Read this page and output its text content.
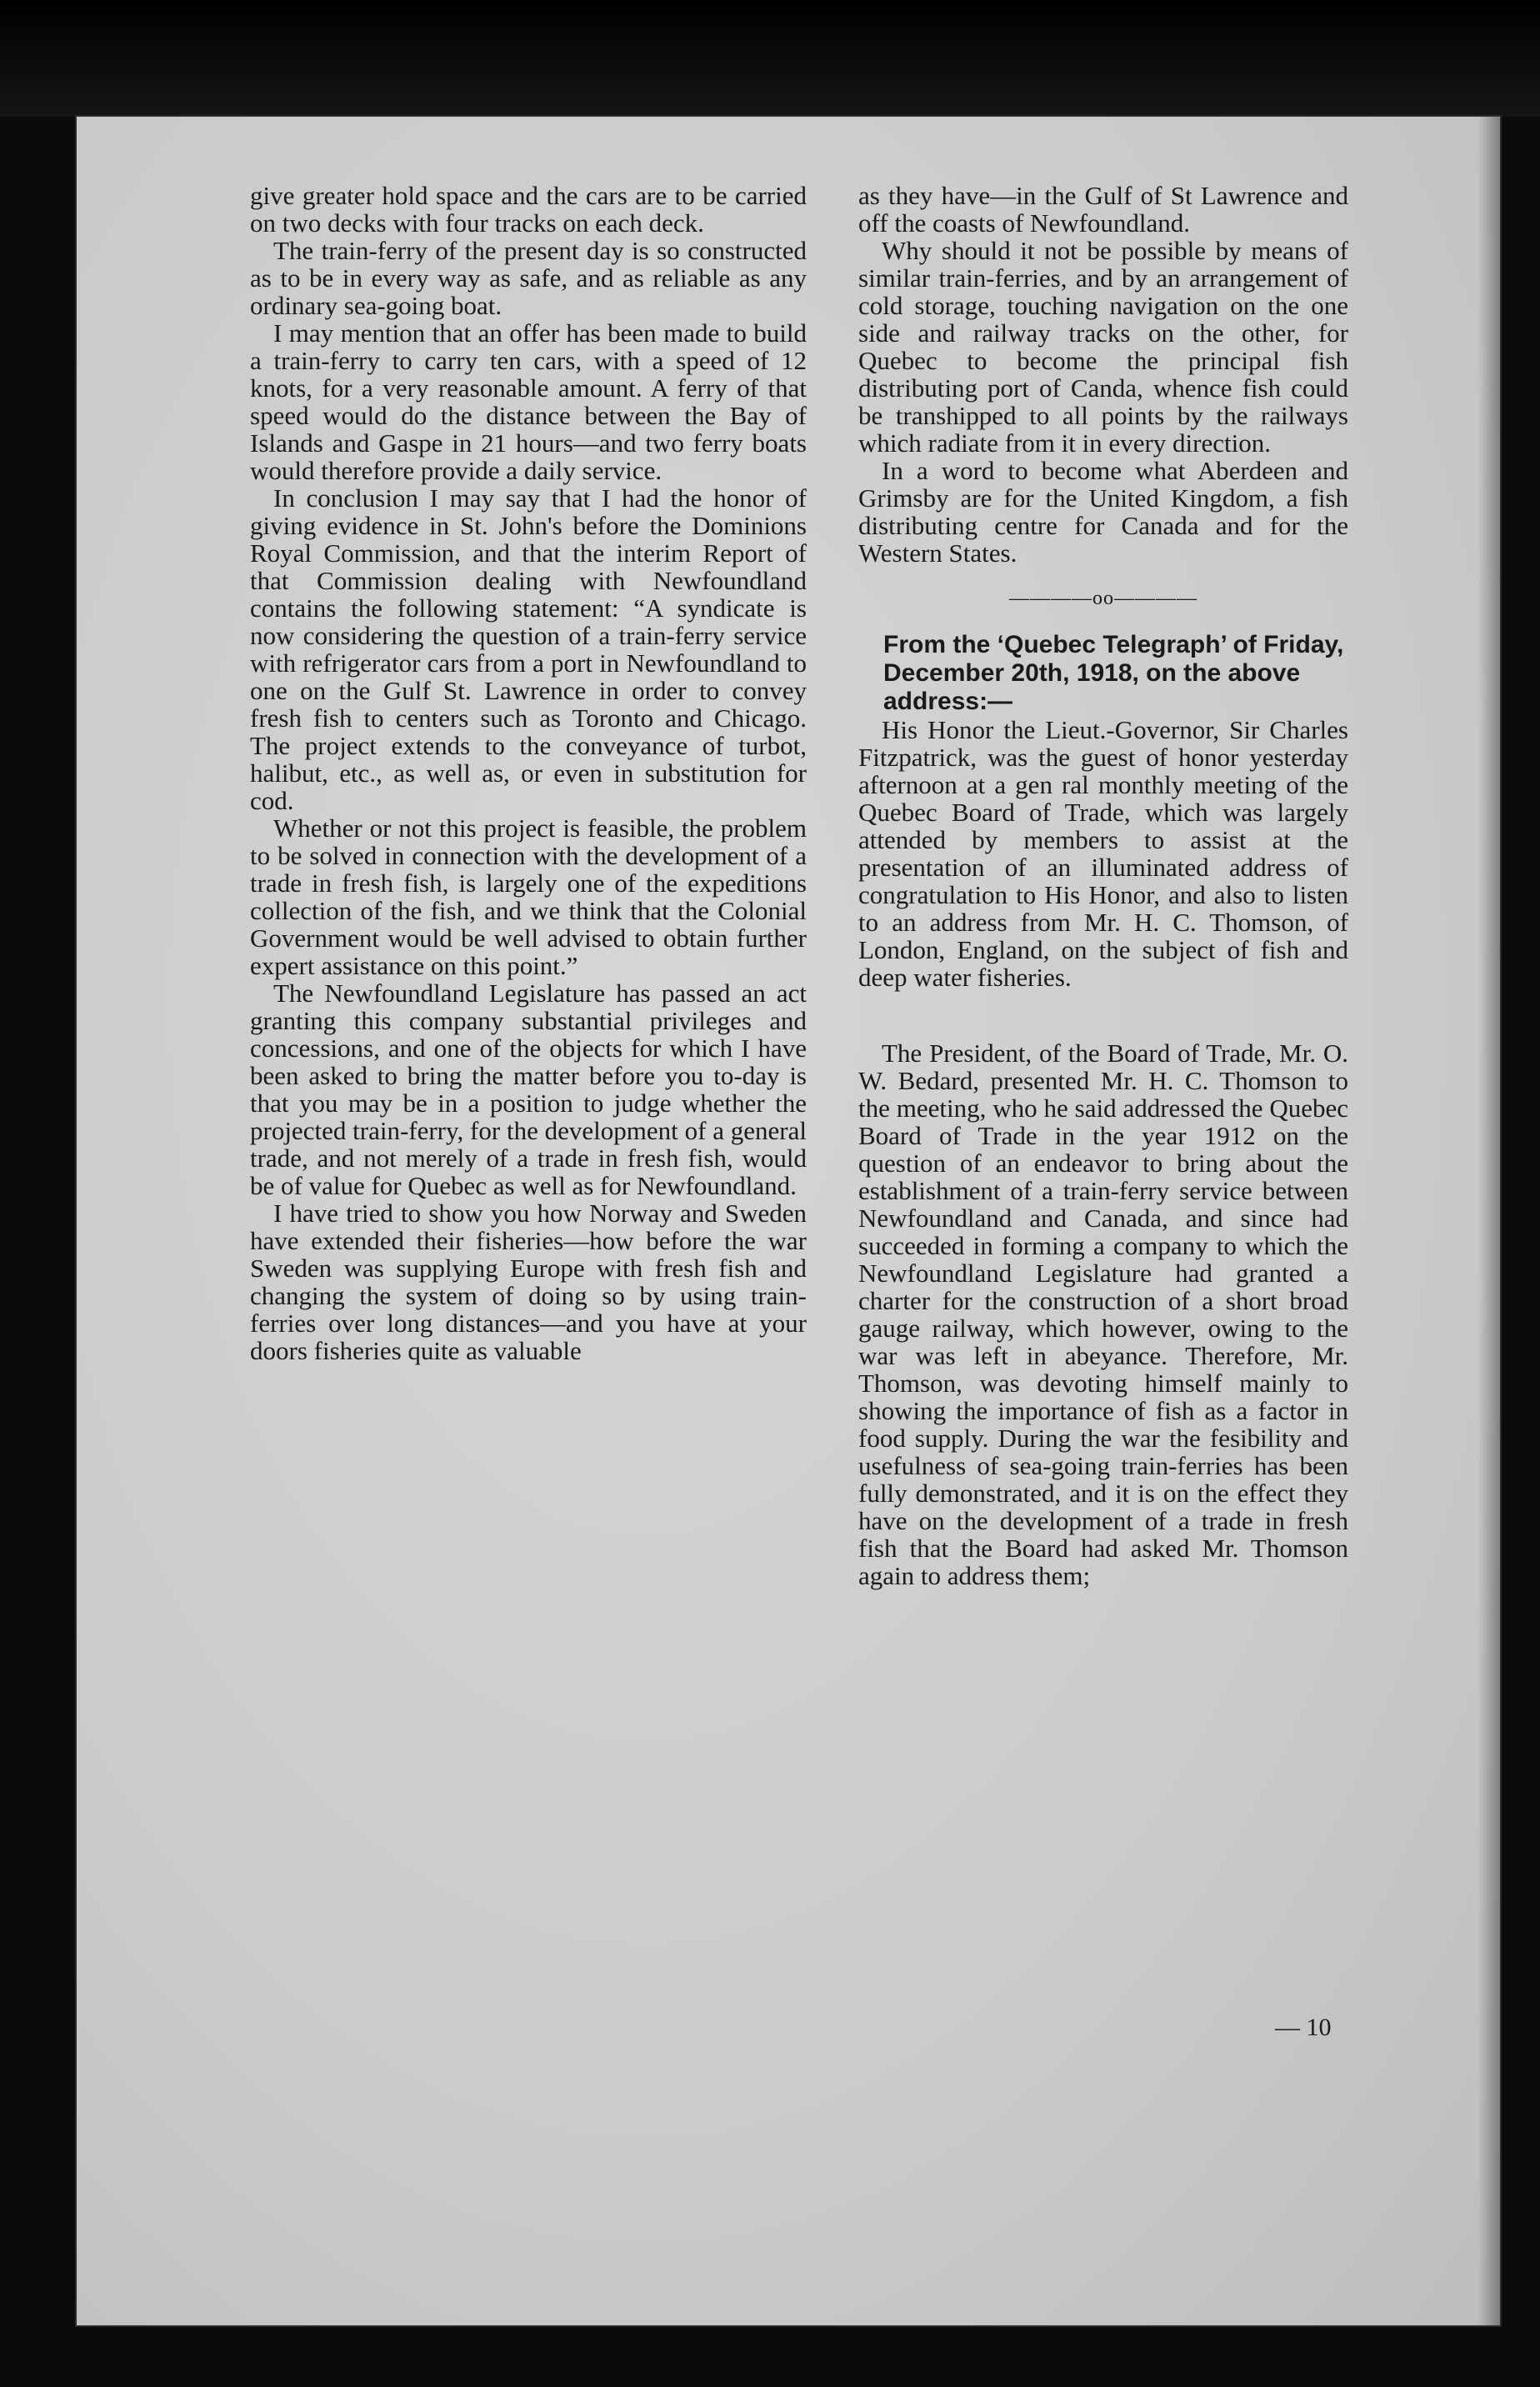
give greater hold space and the cars are to be carried on two decks with four tracks on each deck.

The train-ferry of the present day is so constructed as to be in every way as safe, and as reliable as any ordinary sea-going boat.

I may mention that an offer has been made to build a train-ferry to carry ten cars, with a speed of 12 knots, for a very reasonable amount. A ferry of that speed would do the distance between the Bay of Islands and Gaspe in 21 hours—and two ferry boats would therefore provide a daily service.

In conclusion I may say that I had the honor of giving evidence in St. John's before the Dominions Royal Commission, and that the interim Report of that Commission dealing with Newfoundland contains the following statement: “A syndicate is now considering the question of a train-ferry service with refrigerator cars from a port in Newfoundland to one on the Gulf St. Lawrence in order to convey fresh fish to centers such as Toronto and Chicago. The project extends to the conveyance of turbot, halibut, etc., as well as, or even in substitution for cod.

Whether or not this project is feasible, the problem to be solved in connection with the development of a trade in fresh fish, is largely one of the expeditions collection of the fish, and we think that the Colonial Government would be well advised to obtain further expert assistance on this point.”

The Newfoundland Legislature has passed an act granting this company substantial privileges and concessions, and one of the objects for which I have been asked to bring the matter before you to-day is that you may be in a position to judge whether the projected train-ferry, for the development of a general trade, and not merely of a trade in fresh fish, would be of value for Quebec as well as for Newfoundland.

I have tried to show you how Norway and Sweden have extended their fisheries—how before the war Sweden was supplying Europe with fresh fish and changing the system of doing so by using train-ferries over long distances—and you have at your doors fisheries quite as valuable

as they have—in the Gulf of St Lawrence and off the coasts of Newfoundland.

Why should it not be possible by means of similar train-ferries, and by an arrangement of cold storage, touching navigation on the one side and railway tracks on the other, for Quebec to become the principal fish distributing port of Canda, whence fish could be transhipped to all points by the railways which radiate from it in every direction.

In a word to become what Aberdeen and Grimsby are for the United Kingdom, a fish distributing centre for Canada and for the Western States.

————oo————

From the ‘Quebec Telegraph’ of Friday, December 20th, 1918, on the above address:—

His Honor the Lieut.-Governor, Sir Charles Fitzpatrick, was the guest of honor yesterday afternoon at a gen ral monthly meeting of the Quebec Board of Trade, which was largely attended by members to assist at the presentation of an illuminated address of congratulation to His Honor, and also to listen to an address from Mr. H. C. Thomson, of London, England, on the subject of fish and deep water fisheries.

The President, of the Board of Trade, Mr. O. W. Bedard, presented Mr. H. C. Thomson to the meeting, who he said addressed the Quebec Board of Trade in the year 1912 on the question of an endeavor to bring about the establishment of a train-ferry service between Newfoundland and Canada, and since had succeeded in forming a company to which the Newfoundland Legislature had granted a charter for the construction of a short broad gauge railway, which however, owing to the war was left in abeyance. Therefore, Mr. Thomson, was devoting himself mainly to showing the importance of fish as a factor in food supply. During the war the fesibility and usefulness of sea-going train-ferries has been fully demonstrated, and it is on the effect they have on the development of a trade in fresh fish that the Board had asked Mr. Thomson again to address them;

— 10
